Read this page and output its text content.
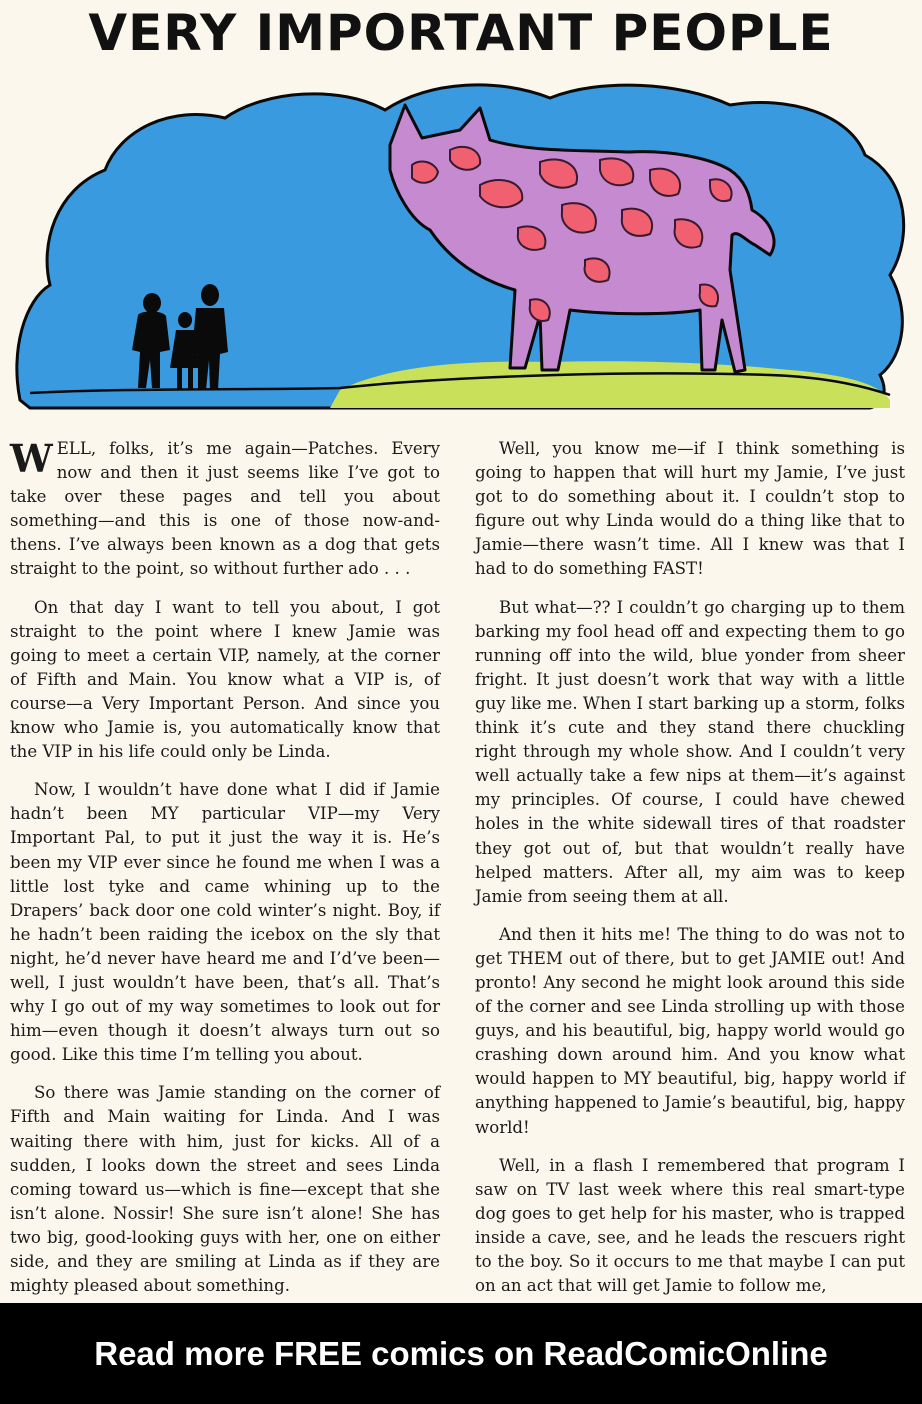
VERY IMPORTANT PEOPLE

WELL, folks, it’s me again—Patches. Every now and then it just seems like I’ve got to take over these pages and tell you about something—and this is one of those now-and-thens. I’ve always been known as a dog that gets straight to the point, so without further ado . . .

On that day I want to tell you about, I got straight to the point where I knew Jamie was going to meet a certain VIP, namely, at the corner of Fifth and Main. You know what a VIP is, of course—a Very Important Person. And since you know who Jamie is, you automatically know that the VIP in his life could only be Linda.

Now, I wouldn’t have done what I did if Jamie hadn’t been MY particular VIP—my Very Important Pal, to put it just the way it is. He’s been my VIP ever since he found me when I was a little lost tyke and came whining up to the Drapers’ back door one cold winter’s night. Boy, if he hadn’t been raiding the icebox on the sly that night, he’d never have heard me and I’d’ve been—well, I just wouldn’t have been, that’s all. That’s why I go out of my way sometimes to look out for him—even though it doesn’t always turn out so good. Like this time I’m telling you about.

So there was Jamie standing on the corner of Fifth and Main waiting for Linda. And I was waiting there with him, just for kicks. All of a sudden, I looks down the street and sees Linda coming toward us—which is fine—except that she isn’t alone. Nossir! She sure isn’t alone! She has two big, good-looking guys with her, one on either side, and they are smiling at Linda as if they are mighty pleased about something.

Well, you know me—if I think something is going to happen that will hurt my Jamie, I’ve just got to do something about it. I couldn’t stop to figure out why Linda would do a thing like that to Jamie—there wasn’t time. All I knew was that I had to do something FAST!

But what—?? I couldn’t go charging up to them barking my fool head off and expecting them to go running off into the wild, blue yonder from sheer fright. It just doesn’t work that way with a little guy like me. When I start barking up a storm, folks think it’s cute and they stand there chuckling right through my whole show. And I couldn’t very well actually take a few nips at them—it’s against my principles. Of course, I could have chewed holes in the white sidewall tires of that roadster they got out of, but that wouldn’t really have helped matters. After all, my aim was to keep Jamie from seeing them at all.

And then it hits me! The thing to do was not to get THEM out of there, but to get JAMIE out! And pronto! Any second he might look around this side of the corner and see Linda strolling up with those guys, and his beautiful, big, happy world would go crashing down around him. And you know what would happen to MY beautiful, big, happy world if anything happened to Jamie’s beautiful, big, happy world!

Well, in a flash I remembered that program I saw on TV last week where this real smart-type dog goes to get help for his master, who is trapped inside a cave, see, and he leads the rescuers right to the boy. So it occurs to me that maybe I can put on an act that will get Jamie to follow me,

Read more FREE comics on ReadComicOnline
